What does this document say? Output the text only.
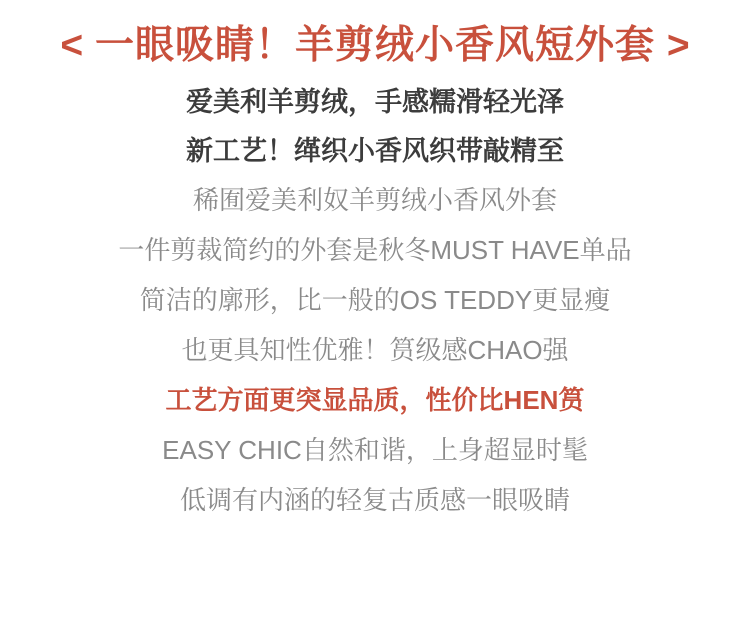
< 一眼吸睛！羊剪绒小香风短外套 >
爱美利羊剪绒，手感糯滑轻光泽
新工艺！缂织小香风织带敲精至
稀囿爱美利奴羊剪绒小香风外套
一件剪裁简约的外套是秋冬MUST HAVE单品
简洁的廓形，比一般的OS TEDDY更显瘦
也更具知性优雅！筼级感CHAO强
工艺方面更突显品质，性价比HEN筼
EASY CHIC自然和谐，上身超显时髦
低调有内涵的轻复古质感一眼吸睛
